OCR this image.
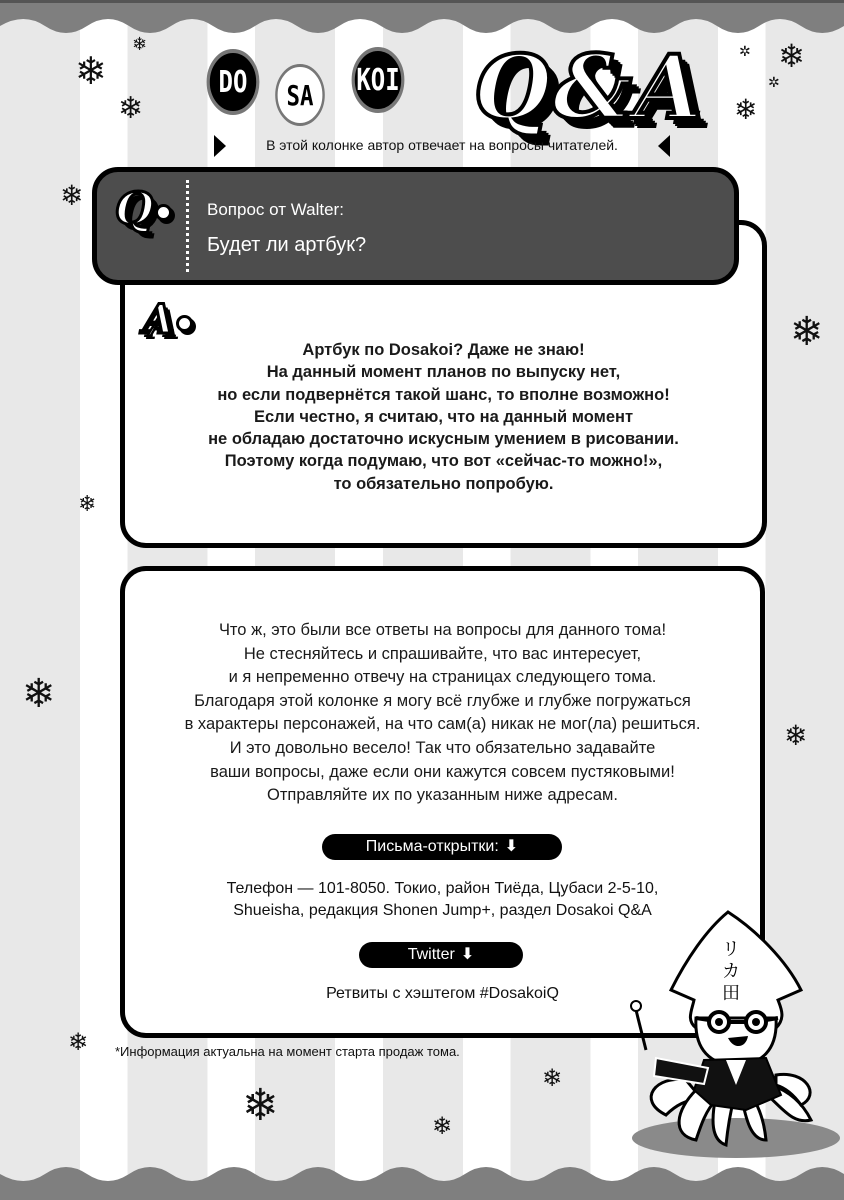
❄
❄
❄
❄
✲
✲
❄
❄
❄
❄
❄
❄
❄
❄	❄
❄
DO SA KOI Q&A
В этой колонке автор отвечает на вопросы читателей.
A
Артбук по Dosakoi? Даже не знаю!
На данный момент планов по выпуску нет,
но если подвернётся такой шанс, то вполне возможно!
Если честно, я считаю, что на данный момент
не обладаю достаточно искусным умением в рисовании.
Поэтому когда подумаю, что вот «сейчас-то можно!»,
то обязательно попробую.
Q	Вопрос от Walter:
Будет ли артбук?
Что ж, это были все ответы на вопросы для данного тома!
Не стесняйтесь и спрашивайте, что вас интересует,
и я непременно отвечу на страницах следующего тома.
Благодаря этой колонке я могу всё глубже и глубже погружаться
в характеры персонажей, на что сам(а) никак не мог(ла) решиться.
И это довольно весело! Так что обязательно задавайте
ваши вопросы, даже если они кажутся совсем пустяковыми!
Отправляйте их по указанным ниже адресам.
Письма-открытки: ⬇
Телефон — 101-8050. Токио, район Тиёда, Цубаси 2-5-10,
Shueisha, редакция Shonen Jump+, раздел Dosakoi Q&A
Twitter ⬇
Ретвиты с хэштегом #DosakoiQ
*Информация актуальна на момент старта продаж тома.
リ
カ
田
